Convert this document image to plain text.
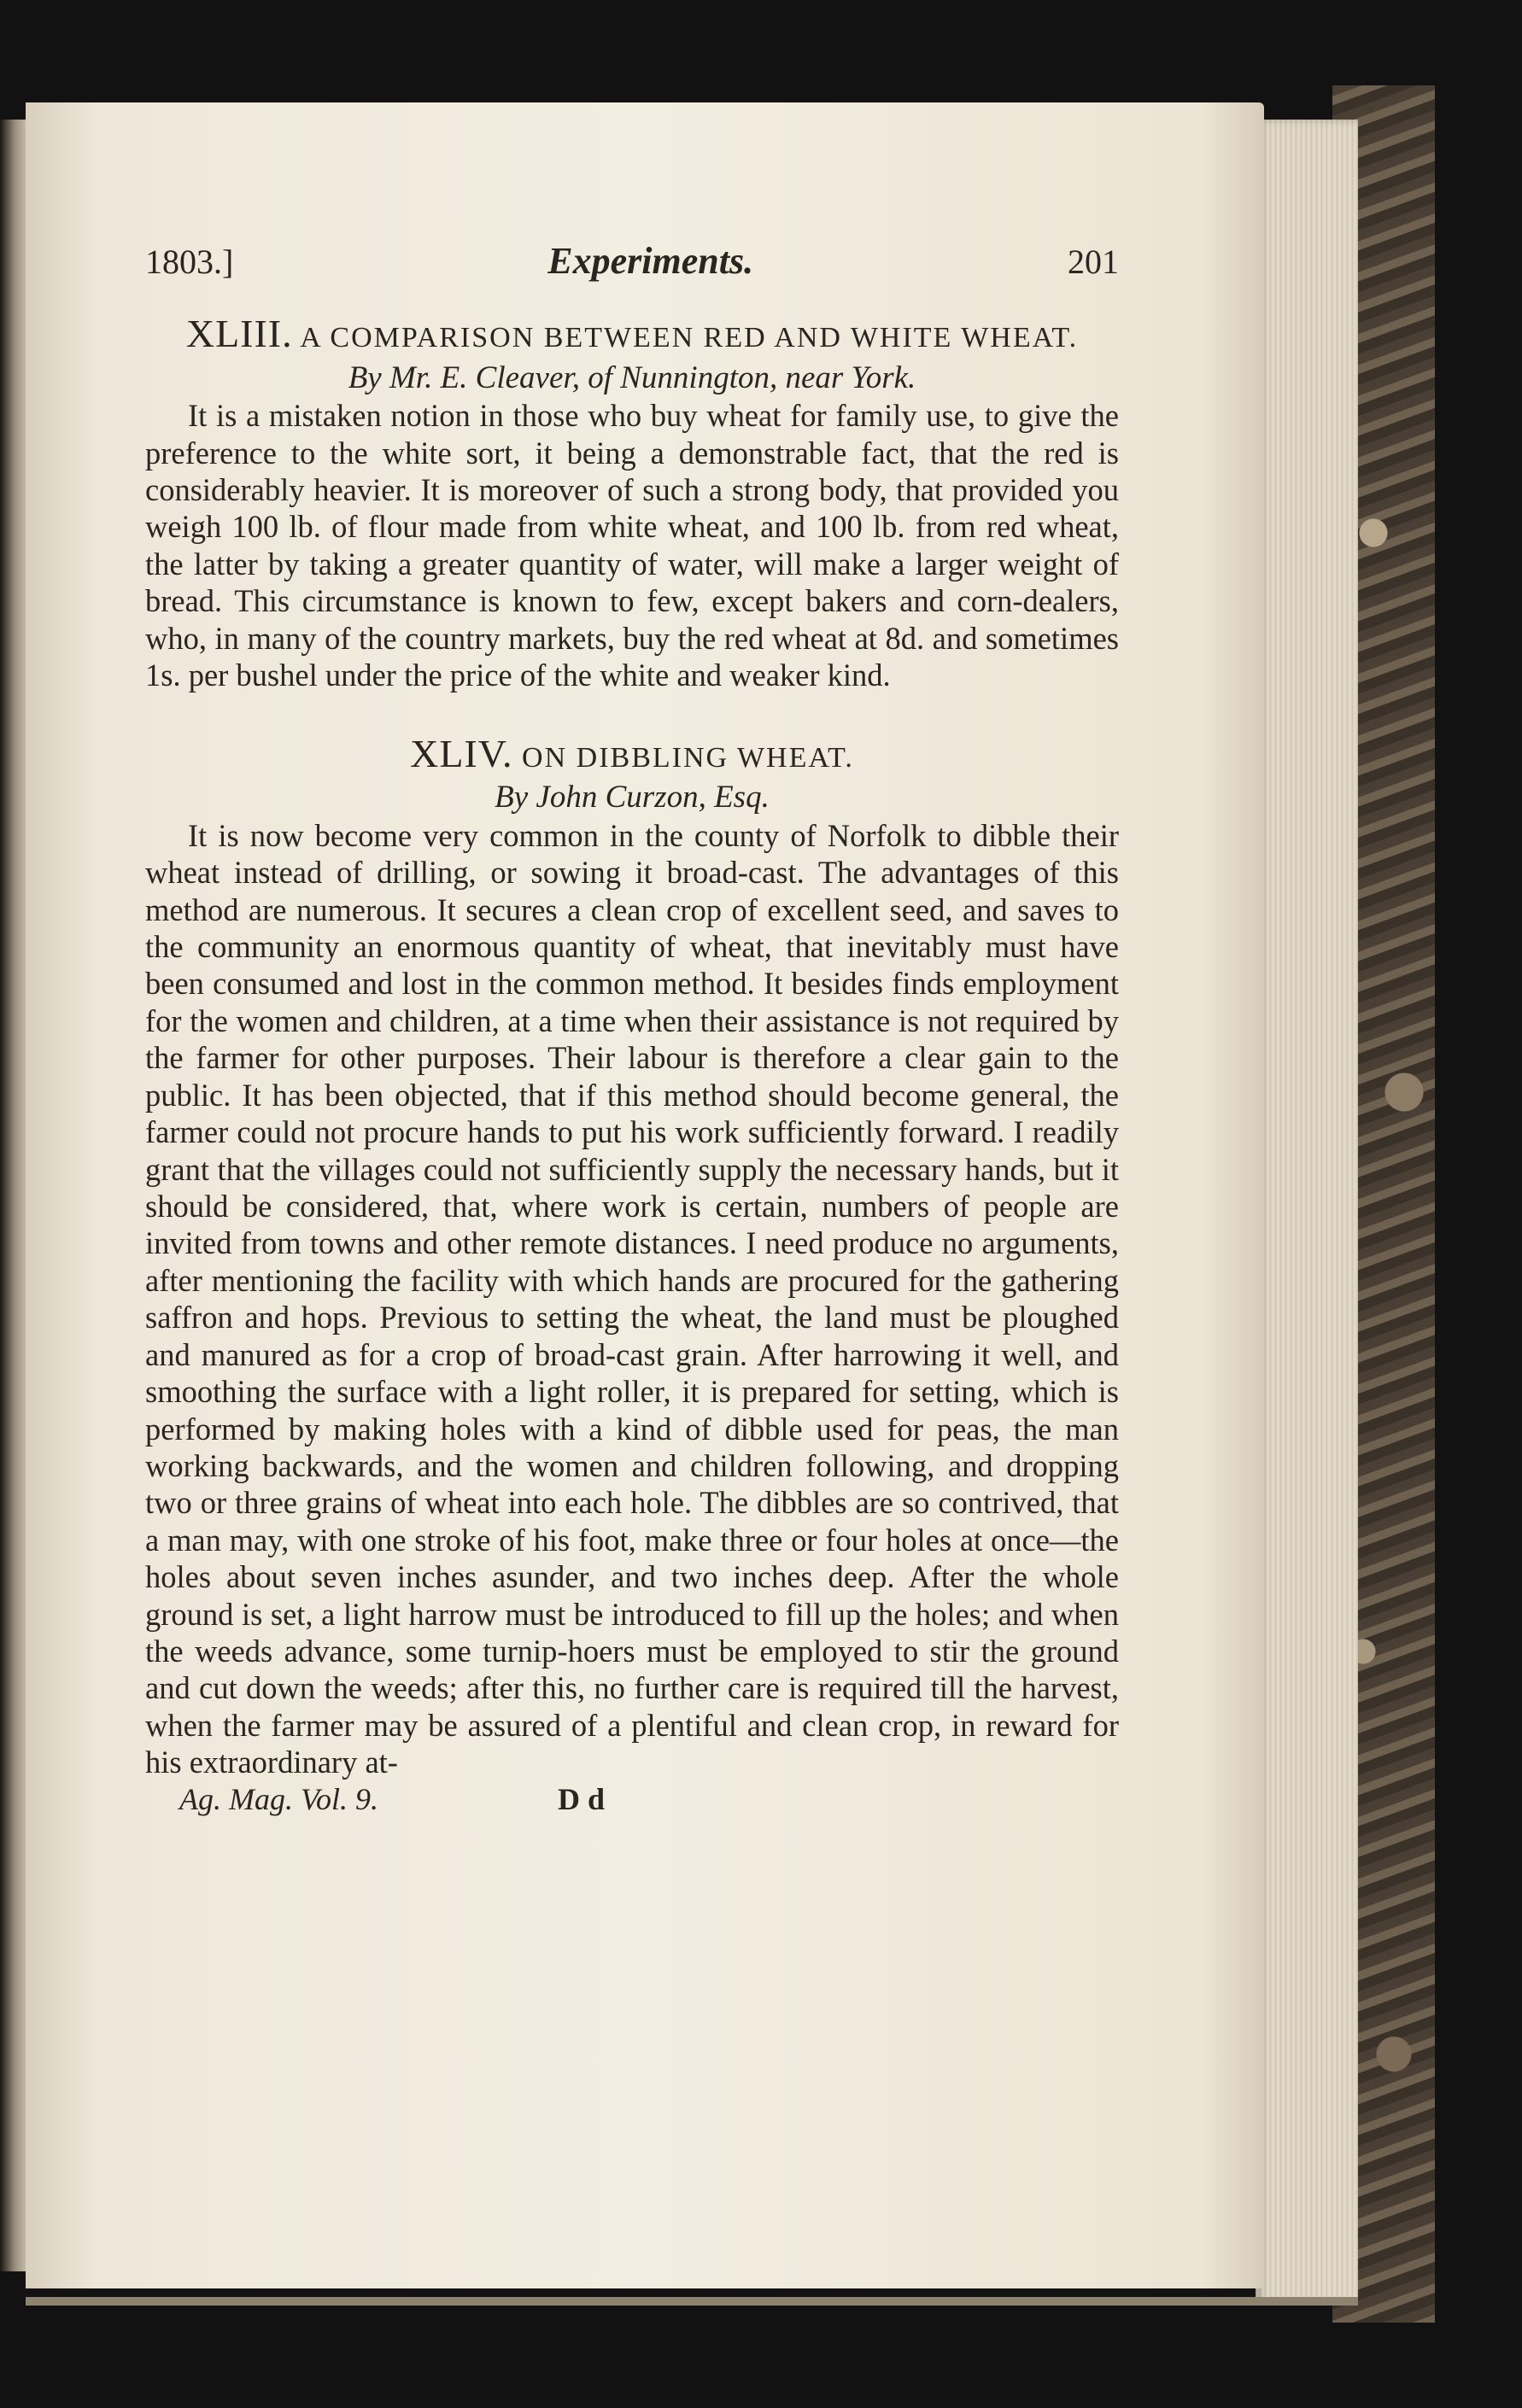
1803.]	Experiments.	201

XLIII. A COMPARISON BETWEEN RED AND WHITE WHEAT.

By Mr. E. Cleaver, of Nunnington, near York.

It is a mistaken notion in those who buy wheat for family use, to give the preference to the white sort, it being a demonstrable fact, that the red is considerably heavier. It is moreover of such a strong body, that provided you weigh 100 lb. of flour made from white wheat, and 100 lb. from red wheat, the latter by taking a greater quantity of water, will make a larger weight of bread. This circumstance is known to few, except bakers and corn-dealers, who, in many of the country markets, buy the red wheat at 8d. and sometimes 1s. per bushel under the price of the white and weaker kind.

XLIV. ON DIBBLING WHEAT.

By John Curzon, Esq.

It is now become very common in the county of Norfolk to dibble their wheat instead of drilling, or sowing it broad-cast. The advantages of this method are numerous. It secures a clean crop of excellent seed, and saves to the community an enormous quantity of wheat, that inevitably must have been consumed and lost in the common method. It besides finds employment for the women and children, at a time when their assistance is not required by the farmer for other purposes. Their labour is therefore a clear gain to the public. It has been objected, that if this method should become general, the farmer could not procure hands to put his work sufficiently forward. I readily grant that the villages could not sufficiently supply the necessary hands, but it should be considered, that, where work is certain, numbers of people are invited from towns and other remote distances. I need produce no arguments, after mentioning the facility with which hands are procured for the gathering saffron and hops. Previous to setting the wheat, the land must be ploughed and manured as for a crop of broad-cast grain. After harrowing it well, and smoothing the surface with a light roller, it is prepared for setting, which is performed by making holes with a kind of dibble used for peas, the man working backwards, and the women and children following, and dropping two or three grains of wheat into each hole. The dibbles are so contrived, that a man may, with one stroke of his foot, make three or four holes at once—the holes about seven inches asunder, and two inches deep. After the whole ground is set, a light harrow must be introduced to fill up the holes; and when the weeds advance, some turnip-hoers must be employed to stir the ground and cut down the weeds; after this, no further care is required till the harvest, when the farmer may be assured of a plentiful and clean crop, in reward for his extraordinary at-

Ag. Mag. Vol. 9.	D d
